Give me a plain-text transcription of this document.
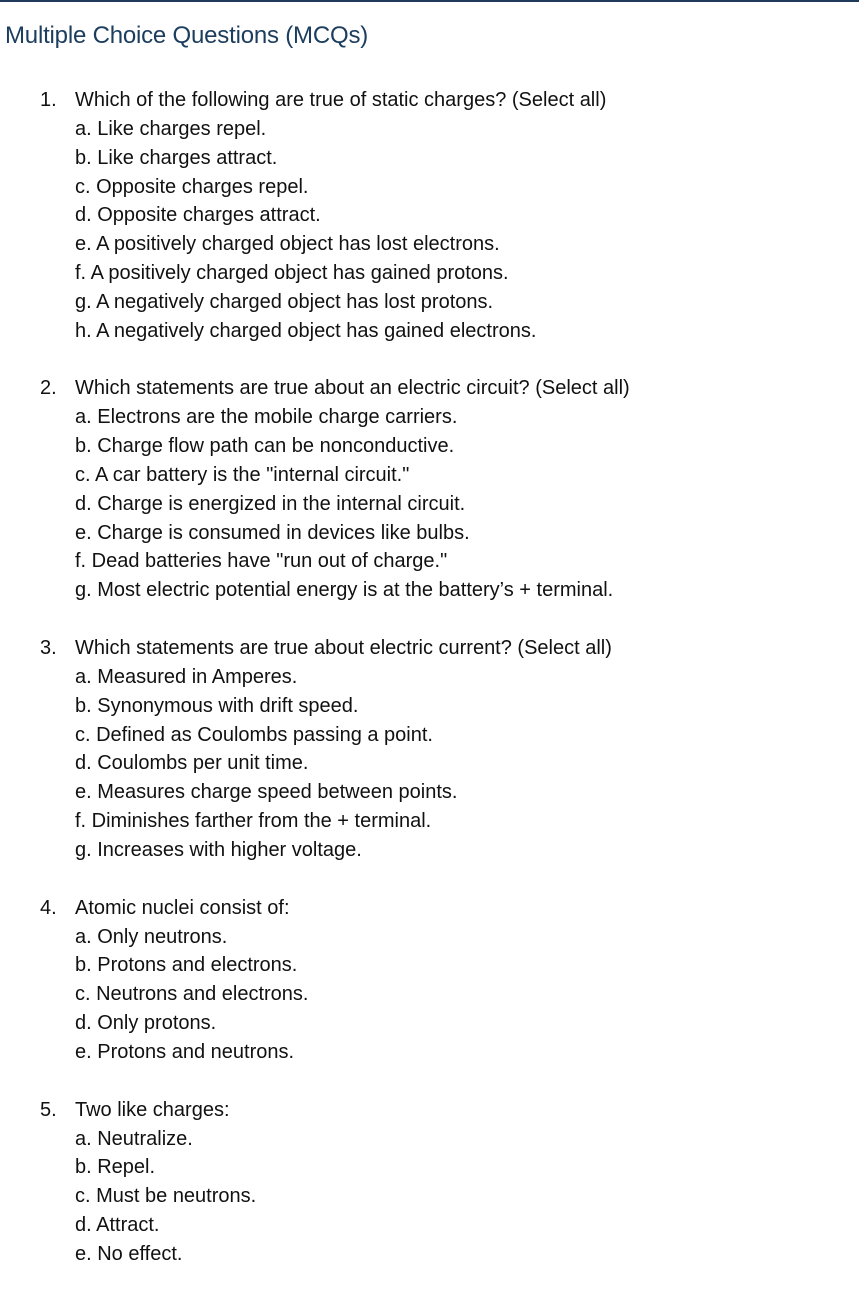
Multiple Choice Questions (MCQs)
1. Which of the following are true of static charges? (Select all)
a. Like charges repel.
b. Like charges attract.
c. Opposite charges repel.
d. Opposite charges attract.
e. A positively charged object has lost electrons.
f. A positively charged object has gained protons.
g. A negatively charged object has lost protons.
h. A negatively charged object has gained electrons.
2. Which statements are true about an electric circuit? (Select all)
a. Electrons are the mobile charge carriers.
b. Charge flow path can be nonconductive.
c. A car battery is the "internal circuit."
d. Charge is energized in the internal circuit.
e. Charge is consumed in devices like bulbs.
f. Dead batteries have "run out of charge."
g. Most electric potential energy is at the battery’s + terminal.
3. Which statements are true about electric current? (Select all)
a. Measured in Amperes.
b. Synonymous with drift speed.
c. Defined as Coulombs passing a point.
d. Coulombs per unit time.
e. Measures charge speed between points.
f. Diminishes farther from the + terminal.
g. Increases with higher voltage.
4. Atomic nuclei consist of:
a. Only neutrons.
b. Protons and electrons.
c. Neutrons and electrons.
d. Only protons.
e. Protons and neutrons.
5. Two like charges:
a. Neutralize.
b. Repel.
c. Must be neutrons.
d. Attract.
e. No effect.
